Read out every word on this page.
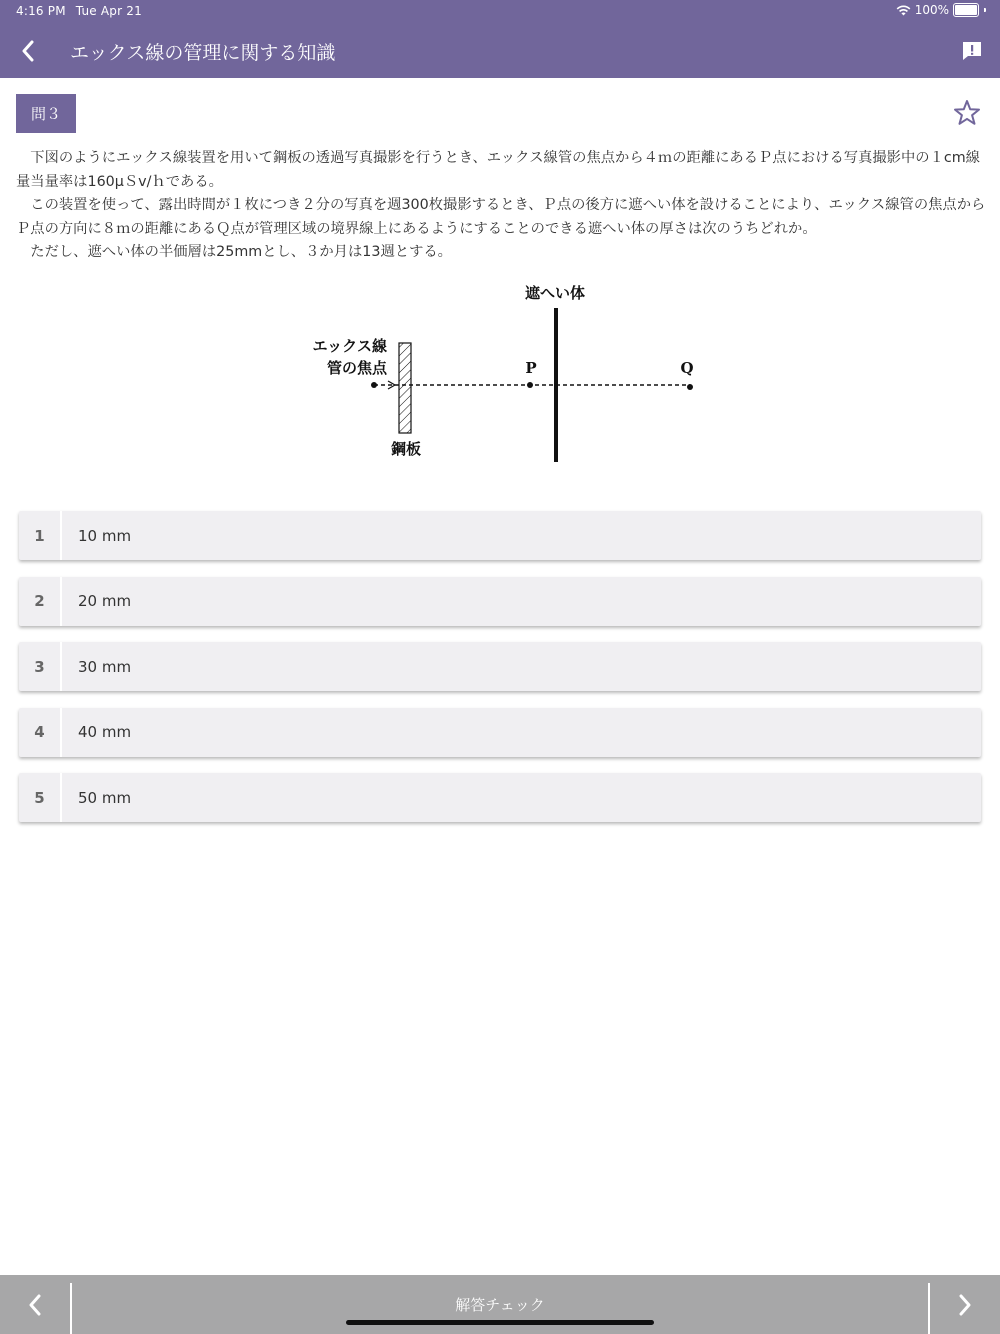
4:16 PM Tue Apr 21	100%
エックス線の管理に関する知識
問３

下図のようにエックス線装置を用いて鋼板の透過写真撮影を行うとき、エックス線管の焦点から４ｍの距離にあるＰ点における写真撮影中の１cm線量当量率は160μＳv/ｈである。

この装置を使って、露出時間が１枚につき２分の写真を週300枚撮影するとき、Ｐ点の後方に遮へい体を設けることにより、エックス線管の焦点からＰ点の方向に８ｍの距離にあるＱ点が管理区域の境界線上にあるようにすることのできる遮へい体の厚さは次のうちどれか。

ただし、遮へい体の半価層は25mmとし、３か月は13週とする。

遮へい体
エックス線
管の焦点	P	Q
鋼板
1	10 mm
2	20 mm
3	30 mm
4	40 mm
5	50 mm
解答チェック
